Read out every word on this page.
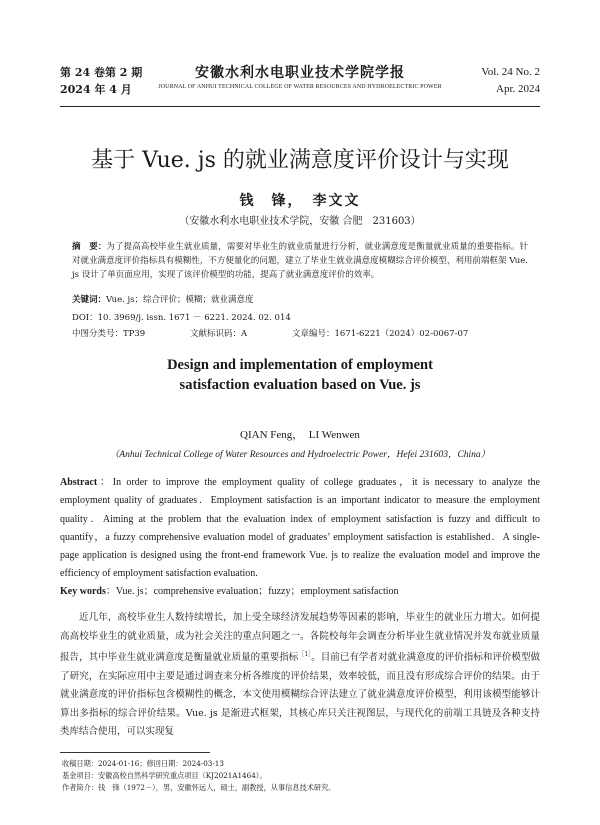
第 24 卷第 2 期
2024 年 4 月
安徽水利水电职业技术学院学报
JOURNAL OF ANHUI TECHNICAL COLLEGE OF WATER RESOURCES AND HYDROELECTRIC POWER
Vol. 24 No. 2
Apr. 2024
基于 Vue. js 的就业满意度评价设计与实现
钱　锋，　李文文
（安徽水利水电职业技术学院，安徽 合肥　231603）
摘　要：为了提高高校毕业生就业质量，需要对毕业生的就业质量进行分析，就业满意度是衡量就业质量的重要指标。针对就业满意度评价指标具有模糊性，不方便量化的问题，建立了毕业生就业满意度模糊综合评价模型，利用前端框架 Vue. js 设计了单页面应用，实现了该评价模型的功能，提高了就业满意度评价的效率。
关键词：Vue. js；综合评价；模糊；就业满意度
DOI：10. 3969/j. issn. 1671 － 6221. 2024. 02. 014
中图分类号：TP39	文献标识码：A	文章编号：1671-6221（2024）02-0067-07
Design and implementation of employment
satisfaction evaluation based on Vue. js
QIAN Feng，　LI Wenwen
（Anhui Technical College of Water Resources and Hydroelectric Power，Hefei 231603，China）
Abstract：In order to improve the employment quality of college graduates，it is necessary to analyze the employment quality of graduates．Employment satisfaction is an important indicator to measure the employment quality．Aiming at the problem that the evaluation index of employment satisfaction is fuzzy and difficult to quantify，a fuzzy comprehensive evaluation model of graduates’ employment satisfaction is established．A single-page application is designed using the front-end framework Vue. js to realize the evaluation model and improve the efficiency of employment satisfaction evaluation.
Key words：Vue. js；comprehensive evaluation；fuzzy；employment satisfaction

近几年，高校毕业生人数持续增长，加上受全球经济发展趋势等因素的影响，毕业生的就业压力增大。如何提高高校毕业生的就业质量，成为社会关注的重点问题之一。各院校每年会调查分析毕业生就业情况并发布就业质量报告，其中毕业生就业满意度是衡量就业质量的重要指标$^{[1]}$。目前已有学者对就业满意度的评价指标和评价模型做了研究，在实际应用中主要是通过调查来分析各维度的评价结果，效率较低，而且没有形成综合评价的结果。由于就业满意度的评价指标包含模糊性的概念，本文使用模糊综合评法建立了就业满意度评价模型，利用该模型能够计算出多指标的综合评价结果。Vue. js 是渐进式框架，其核心库只关注视图层，与现代化的前端工具链及各种支持类库结合使用，可以实现复

收稿日期：2024-01-16；修回日期：2024-03-13
基金项目：安徽高校自然科学研究重点项目（KJ2021A1464）。
作者简介：钱　锋（1972－），男，安徽怀远人，硕士，副教授，从事信息技术研究。
